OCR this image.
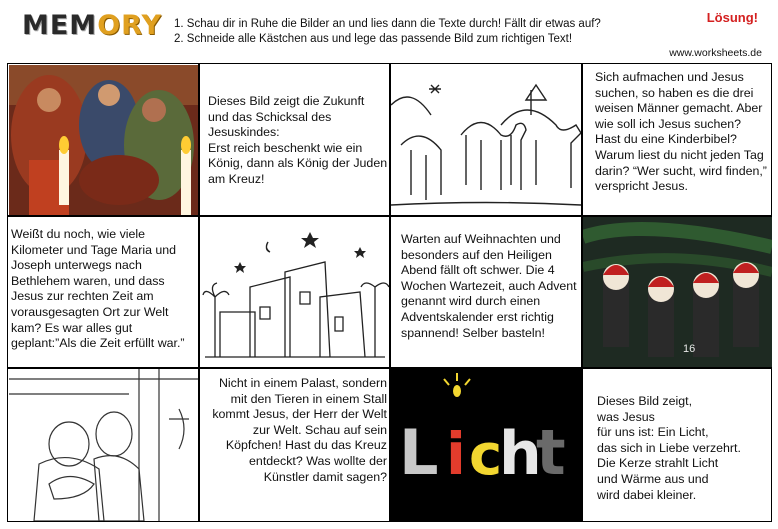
MEMORY 1. Schau dir in Ruhe die Bilder an und lies dann die Texte durch! Fällt dir etwas auf?
2. Schneide alle Kästchen aus und lege das passende Bild zum richtigen Text!
Lösung!
www.worksheets.de
Dieses Bild zeigt die Zukunft und das Schicksal des Jesuskindes:
Erst reich beschenkt wie ein König, dann als König der Juden am Kreuz!
Sich aufmachen und Jesus suchen, so haben es die drei weisen Männer gemacht. Aber wie soll ich Jesus suchen?
Hast du eine Kinderbibel? Warum liest du nicht jeden Tag darin? “Wer sucht, wird finden,” verspricht Jesus.
Weißt du noch, wie viele Kilometer und Tage Maria und Joseph unterwegs nach Bethlehem waren, und dass Jesus zur rechten Zeit am vorausgesagten Ort zur Welt kam? Es war alles gut geplant:”Als die Zeit erfüllt war.”
Warten auf Weihnachten und besonders auf den Heiligen Abend fällt oft schwer. Die 4 Wochen Wartezeit, auch Advent genannt wird durch einen Adventskalender erst richtig spannend! Selber basteln!
16
Nicht in einem Palast, sondern mit den Tieren in einem Stall kommt Jesus, der Herr der Welt zur Welt. Schau auf sein Köpfchen! Hast du das Kreuz entdeckt? Was wollte der Künstler damit sagen? L i c
h
t
Dieses Bild zeigt,
was Jesus
für uns ist: Ein Licht,
das sich in Liebe verzehrt.
Die Kerze strahlt Licht
und Wärme aus und
wird dabei kleiner.
